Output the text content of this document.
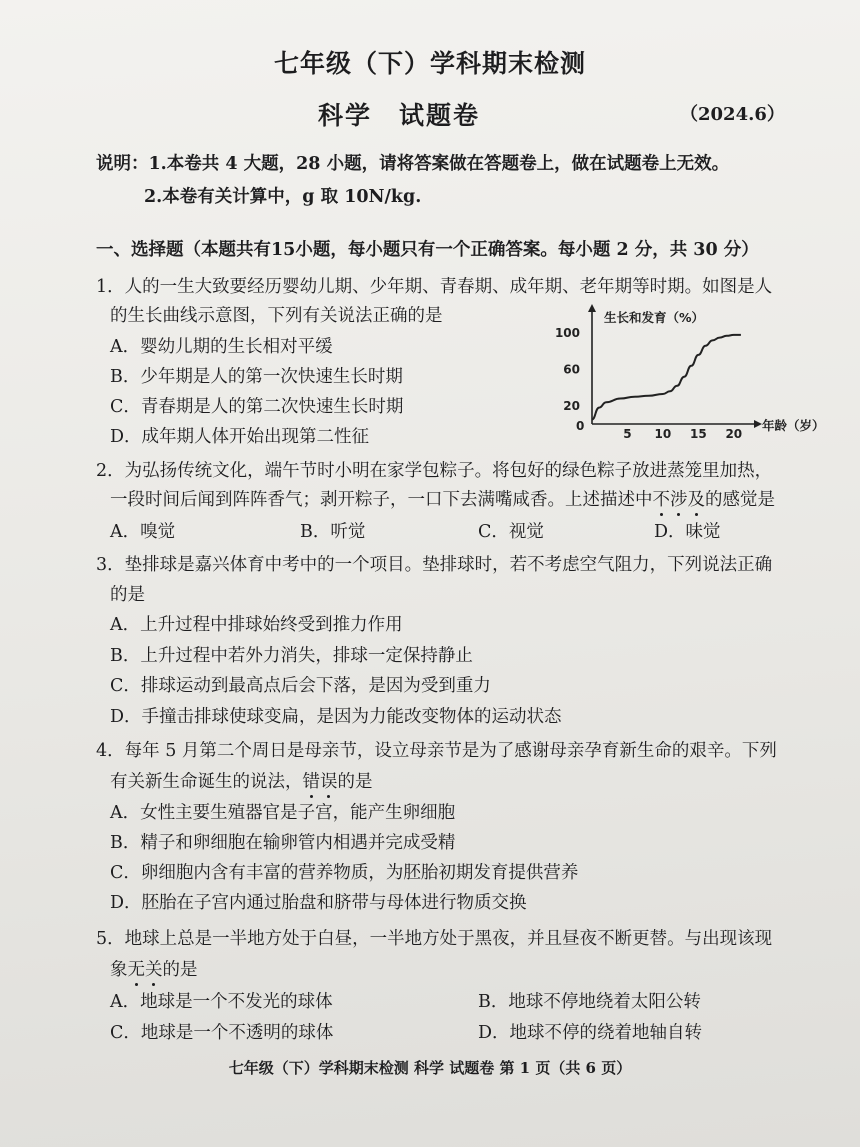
七年级（下）学科期末检测
科学　试题卷	（2024.6）
说明：1.本卷共 4 大题，28 小题，请将答案做在答题卷上，做在试题卷上无效。
2.本卷有关计算中，g 取 10N/kg.
一、选择题（本题共有15小题，每小题只有一个正确答案。每小题 2 分，共 30 分）
1．人的一生大致要经历婴幼儿期、少年期、青春期、成年期、老年期等时期。如图是人
的生长曲线示意图，下列有关说法正确的是
A．婴幼儿期的生长相对平缓
B．少年期是人的第一次快速生长时期
C．青春期是人的第二次快速生长时期
D．成年期人体开始出现第二性征
0
5 10 15 20
20
60
100
生长和发育（%）
年龄（岁）
2．为弘扬传统文化，端午节时小明在家学包粽子。将包好的绿色粽子放进蒸笼里加热，
一段时间后闻到阵阵香气；剥开粽子，一口下去满嘴咸香。上述描述中不涉及的感觉是
A．嗅觉	B．听觉	C．视觉	D．味觉
3．垫排球是嘉兴体育中考中的一个项目。垫排球时，若不考虑空气阻力，下列说法正确
的是
A．上升过程中排球始终受到推力作用
B．上升过程中若外力消失，排球一定保持静止
C．排球运动到最高点后会下落，是因为受到重力
D．手撞击排球使球变扁，是因为力能改变物体的运动状态
4．每年 5 月第二个周日是母亲节，设立母亲节是为了感谢母亲孕育新生命的艰辛。下列
有关新生命诞生的说法，错误的是
A．女性主要生殖器官是子宫，能产生卵细胞
B．精子和卵细胞在输卵管内相遇并完成受精
C．卵细胞内含有丰富的营养物质，为胚胎初期发育提供营养
D．胚胎在子宫内通过胎盘和脐带与母体进行物质交换
5．地球上总是一半地方处于白昼，一半地方处于黑夜，并且昼夜不断更替。与出现该现
象无关的是
A．地球是一个不发光的球体	B．地球不停地绕着太阳公转
C．地球是一个不透明的球体	D．地球不停的绕着地轴自转
七年级（下）学科期末检测 科学 试题卷 第 1 页（共 6 页）
